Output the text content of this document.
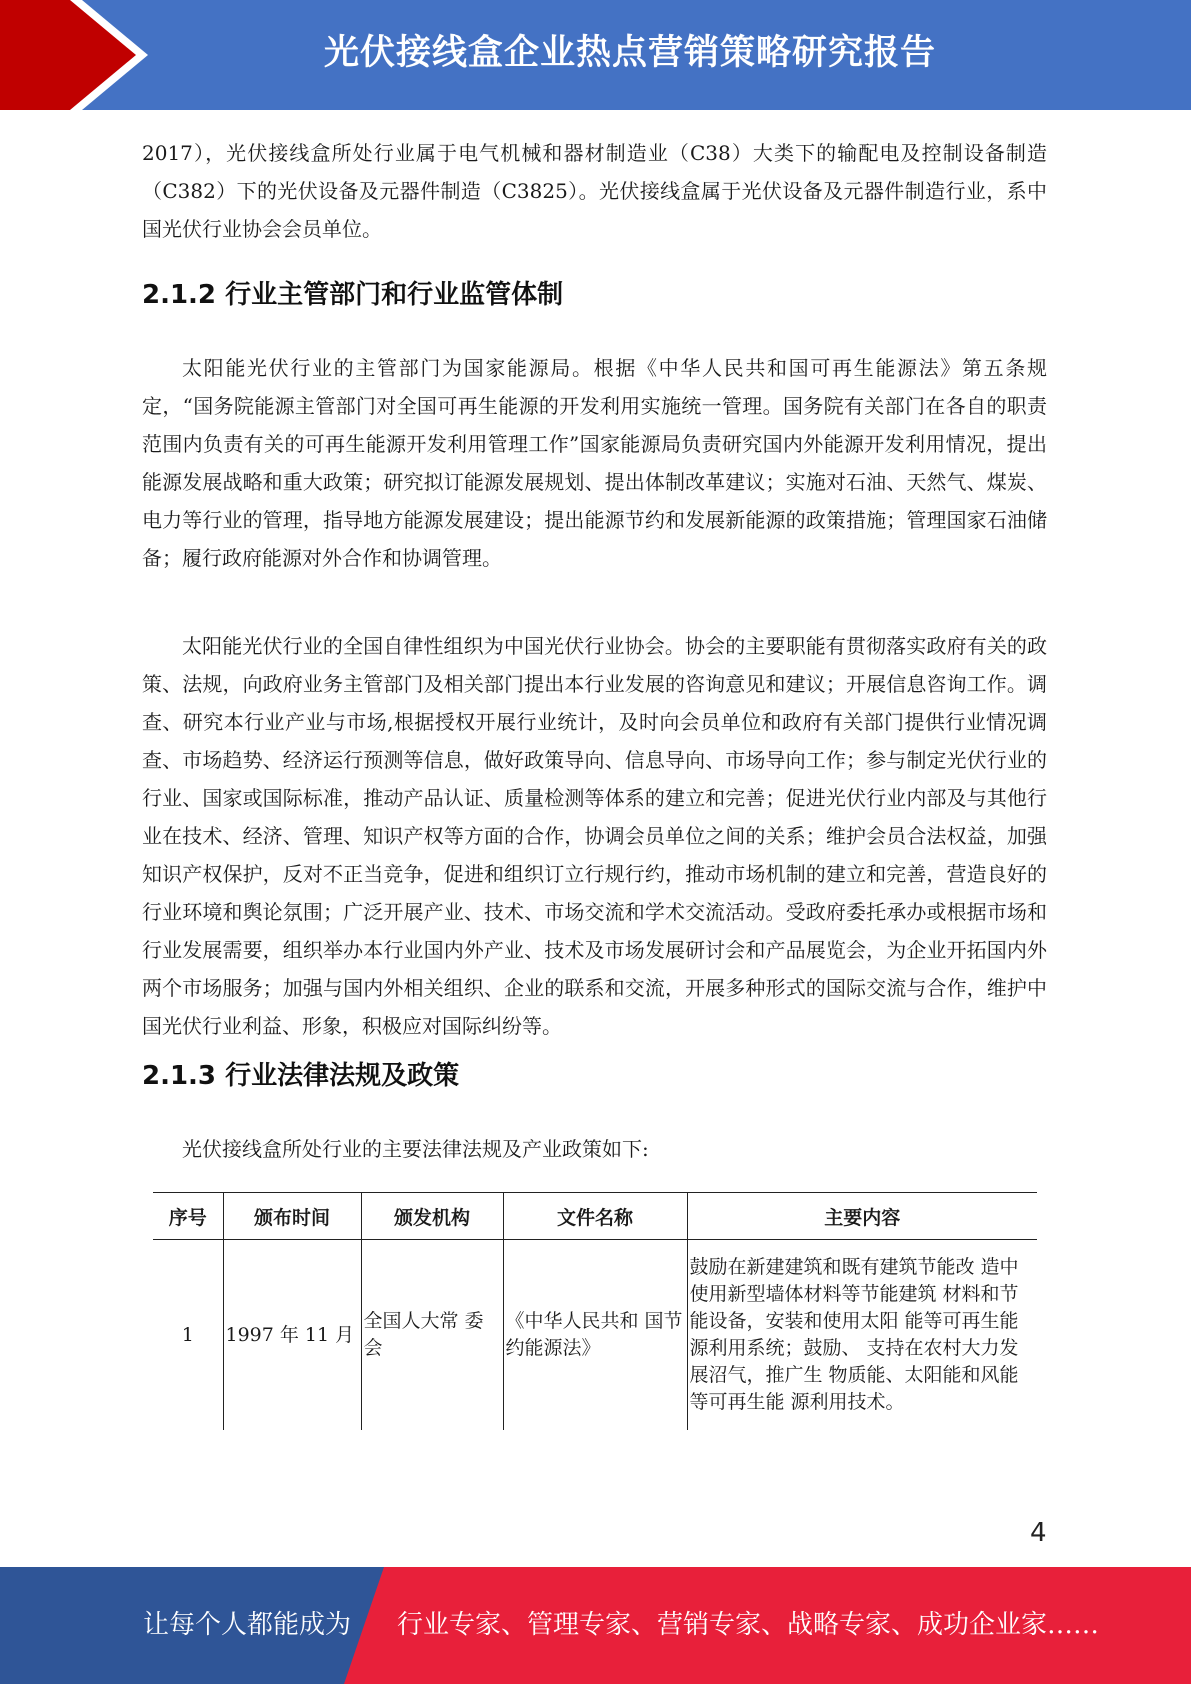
光伏接线盒企业热点营销策略研究报告

2017），光伏接线盒所处行业属于电气机械和器材制造业（C38）大类下的输配电及控制设备制造（C382）下的光伏设备及元器件制造（C3825）。光伏接线盒属于光伏设备及元器件制造行业，系中国光伏行业协会会员单位。

2.1.2 行业主管部门和行业监管体制

太阳能光伏行业的主管部门为国家能源局。根据《中华人民共和国可再生能源法》第五条规定，“国务院能源主管部门对全国可再生能源的开发利用实施统一管理。国务院有关部门在各自的职责范围内负责有关的可再生能源开发利用管理工作”国家能源局负责研究国内外能源开发利用情况，提出能源发展战略和重大政策；研究拟订能源发展规划、提出体制改革建议；实施对石油、天然气、煤炭、电力等行业的管理，指导地方能源发展建设；提出能源节约和发展新能源的政策措施；管理国家石油储备；履行政府能源对外合作和协调管理。

太阳能光伏行业的全国自律性组织为中国光伏行业协会。协会的主要职能有贯彻落实政府有关的政策、法规，向政府业务主管部门及相关部门提出本行业发展的咨询意见和建议；开展信息咨询工作。调查、研究本行业产业与市场,根据授权开展行业统计，及时向会员单位和政府有关部门提供行业情况调查、市场趋势、经济运行预测等信息，做好政策导向、信息导向、市场导向工作；参与制定光伏行业的行业、国家或国际标准，推动产品认证、质量检测等体系的建立和完善；促进光伏行业内部及与其他行业在技术、经济、管理、知识产权等方面的合作，协调会员单位之间的关系；维护会员合法权益，加强知识产权保护，反对不正当竞争，促进和组织订立行规行约，推动市场机制的建立和完善，营造良好的行业环境和舆论氛围；广泛开展产业、技术、市场交流和学术交流活动。受政府委托承办或根据市场和行业发展需要，组织举办本行业国内外产业、技术及市场发展研讨会和产品展览会，为企业开拓国内外两个市场服务；加强与国内外相关组织、企业的联系和交流，开展多种形式的国际交流与合作，维护中国光伏行业利益、形象，积极应对国际纠纷等。

2.1.3 行业法律法规及政策

光伏接线盒所处行业的主要法律法规及产业政策如下:

序号	颁布时间	颁发机构	文件名称	主要内容
1	1997 年 11 月	全国人大常 委会	《中华人民共和 国节约能源法》	鼓励在新建建筑和既有建筑节能改 造中使用新型墙体材料等节能建筑 材料和节能设备，安装和使用太阳 能等可再生能源利用系统；鼓励、 支持在农村大力发展沼气，推广生 物质能、太阳能和风能等可再生能 源利用技术。
4
让每个人都能成为 行业专家、管理专家、营销专家、战略专家、成功企业家……
